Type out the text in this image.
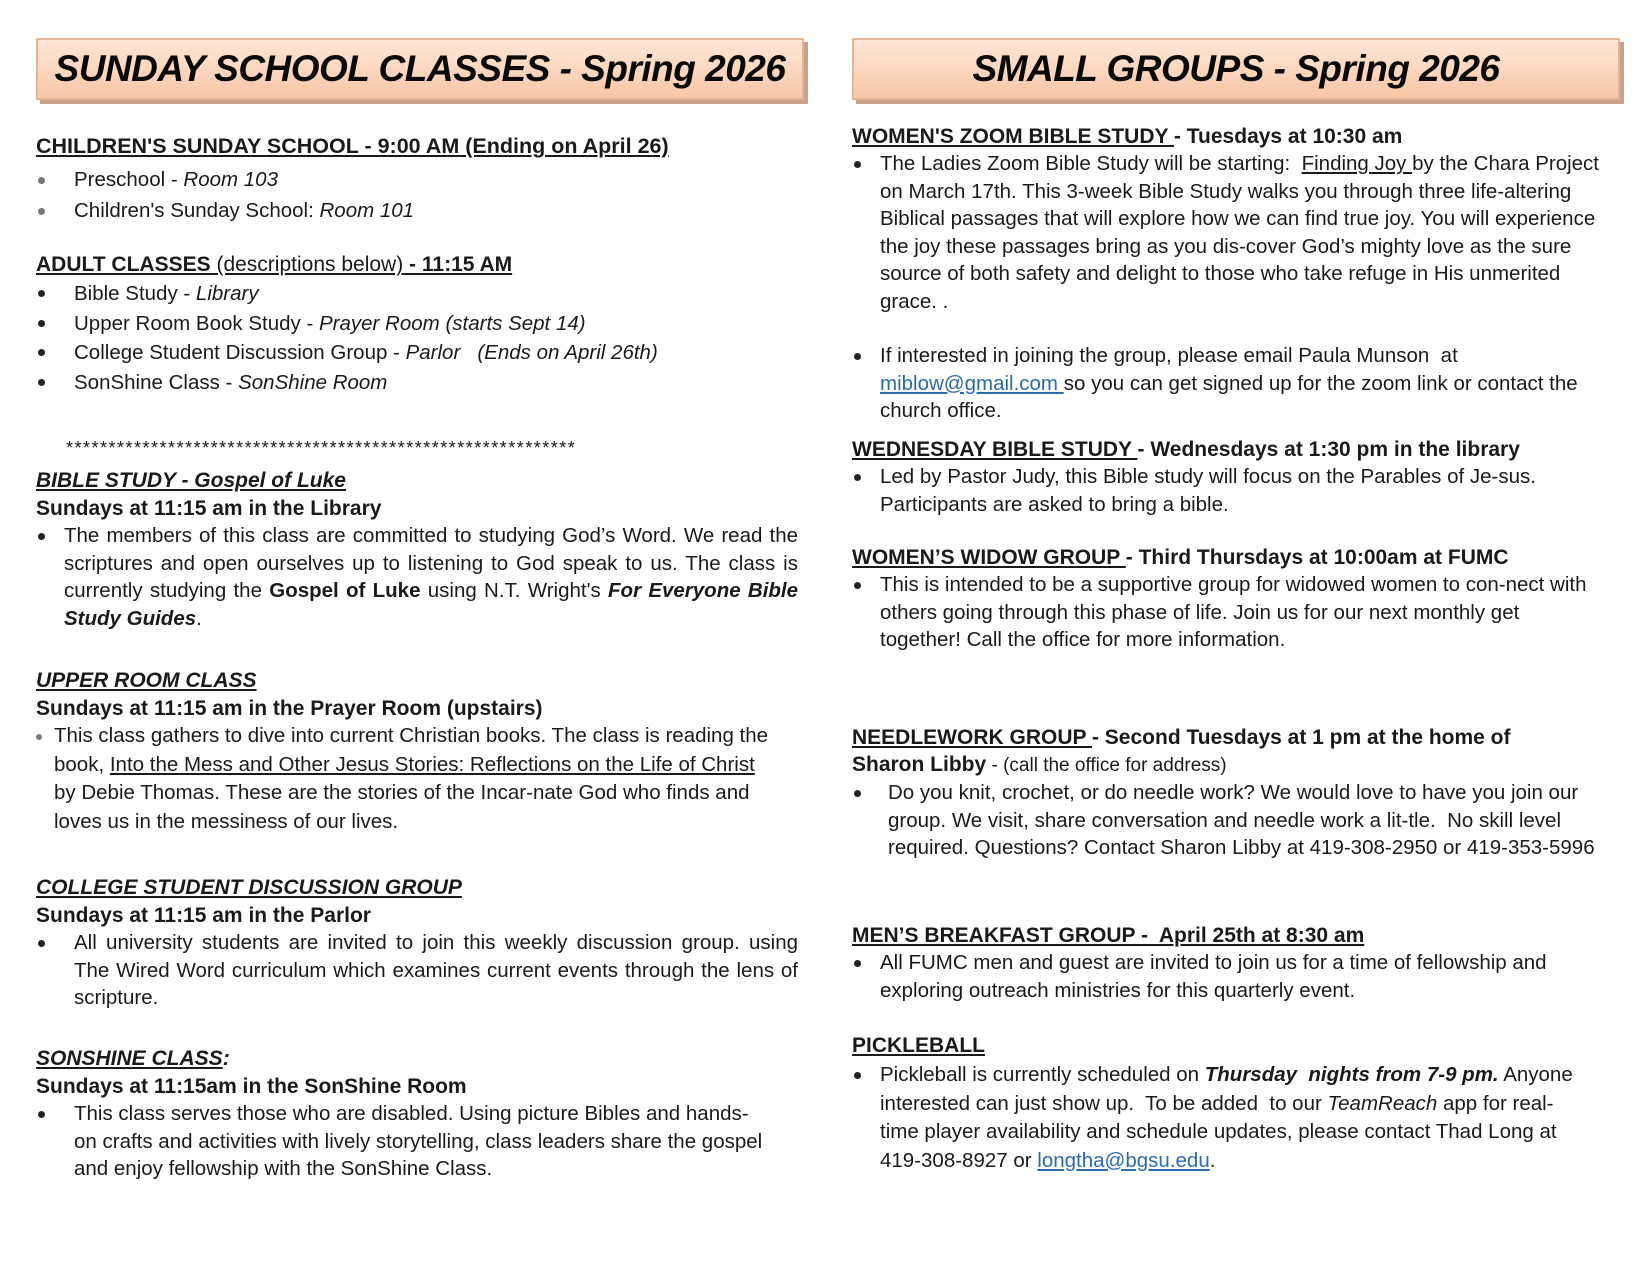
SUNDAY SCHOOL CLASSES - Spring 2026	SMALL GROUPS - Spring 2026
CHILDREN'S SUNDAY SCHOOL - 9:00 AM (Ending on April 26)
Preschool - Room 103
Children's Sunday School: Room 101
ADULT CLASSES (descriptions below) - 11:15 AM
Bible Study - Library
Upper Room Book Study - Prayer Room (starts Sept 14)
College Student Discussion Group - Parlor   (Ends on April 26th)
SonShine Class - SonShine Room
************************************************************
BIBLE STUDY - Gospel of Luke
Sundays at 11:15 am in the Library
The members of this class are committed to studying God’s Word. We read the scriptures and open ourselves up to listening to God speak to us. The class is currently studying the Gospel of Luke using N.T. Wright's For Everyone Bible Study Guides.
UPPER ROOM CLASS
Sundays at 11:15 am in the Prayer Room (upstairs)
This class gathers to dive into current Christian books. The class is reading the book, Into the Mess and Other Jesus Stories: Reflections on the Life of Christ by Debie Thomas. These are the stories of the Incar-nate God who finds and loves us in the messiness of our lives.
COLLEGE STUDENT DISCUSSION GROUP
Sundays at 11:15 am in the Parlor
All university students are invited to join this weekly discussion group. using The Wired Word curriculum which examines current events through the lens of scripture.
SONSHINE CLASS:
Sundays at 11:15am in the SonShine Room
This class serves those who are disabled. Using picture Bibles and hands-on crafts and activities with lively storytelling, class leaders share the gospel and enjoy fellowship with the SonShine Class.
WOMEN'S ZOOM BIBLE STUDY - Tuesdays at 10:30 am
The Ladies Zoom Bible Study will be starting:  Finding Joy by the Chara Project on March 17th. This 3-week Bible Study walks you through three life-altering Biblical passages that will explore how we can find true joy. You will experience the joy these passages bring as you dis-cover God’s mighty love as the sure source of both safety and delight to those who take refuge in His unmerited grace. .
If interested in joining the group, please email Paula Munson  at miblow@gmail.com so you can get signed up for the zoom link or contact the church office.
WEDNESDAY BIBLE STUDY - Wednesdays at 1:30 pm in the library
Led by Pastor Judy, this Bible study will focus on the Parables of Je-sus.  Participants are asked to bring a bible.
WOMEN’S WIDOW GROUP - Third Thursdays at 10:00am at FUMC
This is intended to be a supportive group for widowed women to con-nect with others going through this phase of life. Join us for our next monthly get together! Call the office for more information.
NEEDLEWORK GROUP - Second Tuesdays at 1 pm at the home of
Sharon Libby - (call the office for address)
Do you knit, crochet, or do needle work? We would love to have you join our group. We visit, share conversation and needle work a lit-tle.  No skill level required. Questions? Contact Sharon Libby at 419-308-2950 or 419-353-5996
MEN’S BREAKFAST GROUP -  April 25th at 8:30 am
All FUMC men and guest are invited to join us for a time of fellowship and exploring outreach ministries for this quarterly event.
PICKLEBALL
Pickleball is currently scheduled on Thursday  nights from 7-9 pm. Anyone interested can just show up.  To be added  to our TeamReach app for real-time player availability and schedule updates, please contact Thad Long at 419-308-8927 or longtha@bgsu.edu.
